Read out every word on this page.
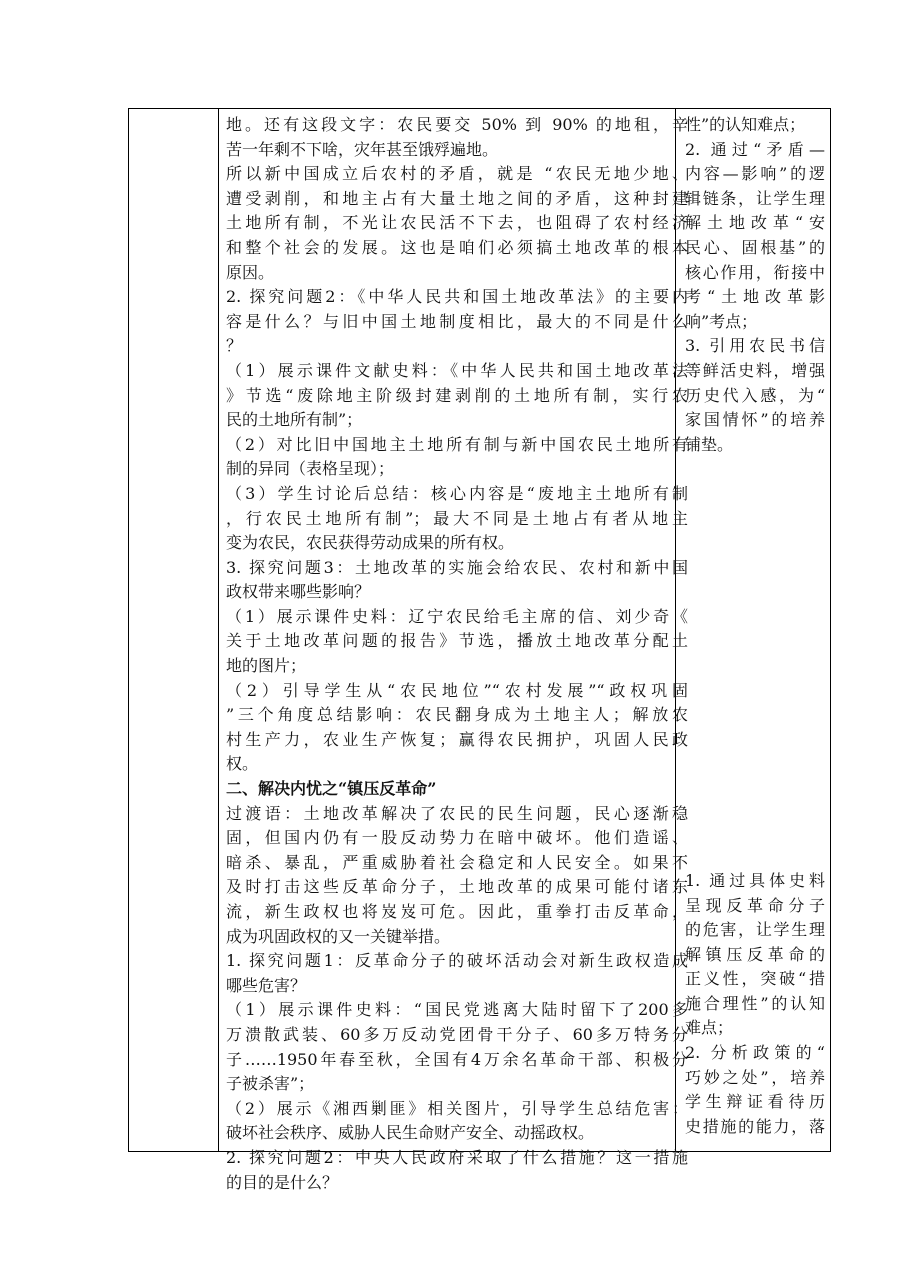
地。还有这段文字：农民要交 50% 到 90% 的地租，辛
苦一年剩不下啥，灾年甚至饿殍遍地。
所以新中国成立后农村的矛盾，就是 “农民无地少地、
遭受剥削，和地主占有大量土地之间的矛盾，这种封建
土地所有制，不光让农民活不下去，也阻碍了农村经济
和整个社会的发展。这也是咱们必须搞土地改革的根本
原因。
2. 探究问题2：《中华人民共和国土地改革法》的主要内
容是什么？与旧中国土地制度相比，最大的不同是什么
？
（1）展示课件文献史料：《中华人民共和国土地改革法
》节选“废除地主阶级封建剥削的土地所有制，实行农
民的土地所有制”；
（2）对比旧中国地主土地所有制与新中国农民土地所有
制的异同（表格呈现）；
（3）学生讨论后总结：核心内容是“废地主土地所有制
，行农民土地所有制”；最大不同是土地占有者从地主
变为农民，农民获得劳动成果的所有权。
3. 探究问题3：土地改革的实施会给农民、农村和新中国
政权带来哪些影响？
（1）展示课件史料：辽宁农民给毛主席的信、刘少奇《
关于土地改革问题的报告》节选，播放土地改革分配土
地的图片；
（2）引导学生从“农民地位”“农村发展”“政权巩固
”三个角度总结影响：农民翻身成为土地主人；解放农
村生产力，农业生产恢复；赢得农民拥护，巩固人民政
权。
二、解决内忧之“镇压反革命”
过渡语：土地改革解决了农民的民生问题，民心逐渐稳
固，但国内仍有一股反动势力在暗中破坏。他们造谣、
暗杀、暴乱，严重威胁着社会稳定和人民安全。如果不
及时打击这些反革命分子，土地改革的成果可能付诸东
流，新生政权也将岌岌可危。因此，重拳打击反革命，
成为巩固政权的又一关键举措。
1. 探究问题1：反革命分子的破坏活动会对新生政权造成
哪些危害？
（1）展示课件史料：“国民党逃离大陆时留下了200多
万溃散武装、60多万反动党团骨干分子、60多万特务分
子……1950年春至秋，全国有4万余名革命干部、积极分
子被杀害”；
（2）展示《湘西剿匪》相关图片，引导学生总结危害：
破坏社会秩序、威胁人民生命财产安全、动摇政权。
2. 探究问题2：中央人民政府采取了什么措施？这一措施
的目的是什么？
性”的认知难点；
2. 通过“矛盾—
内容—影响”的逻
辑链条，让学生理
解土地改革“安
民心、固根基”的
核心作用，衔接中
考“土地改革影
响”考点；
3. 引用农民书信
等鲜活史料，增强
历史代入感，为“
家国情怀”的培养
铺垫。
1. 通过具体史料
呈现反革命分子
的危害，让学生理
解镇压反革命的
正义性，突破“措
施合理性”的认知
难点；
2. 分析政策的“
巧妙之处”，培养
学生辩证看待历
史措施的能力，落
